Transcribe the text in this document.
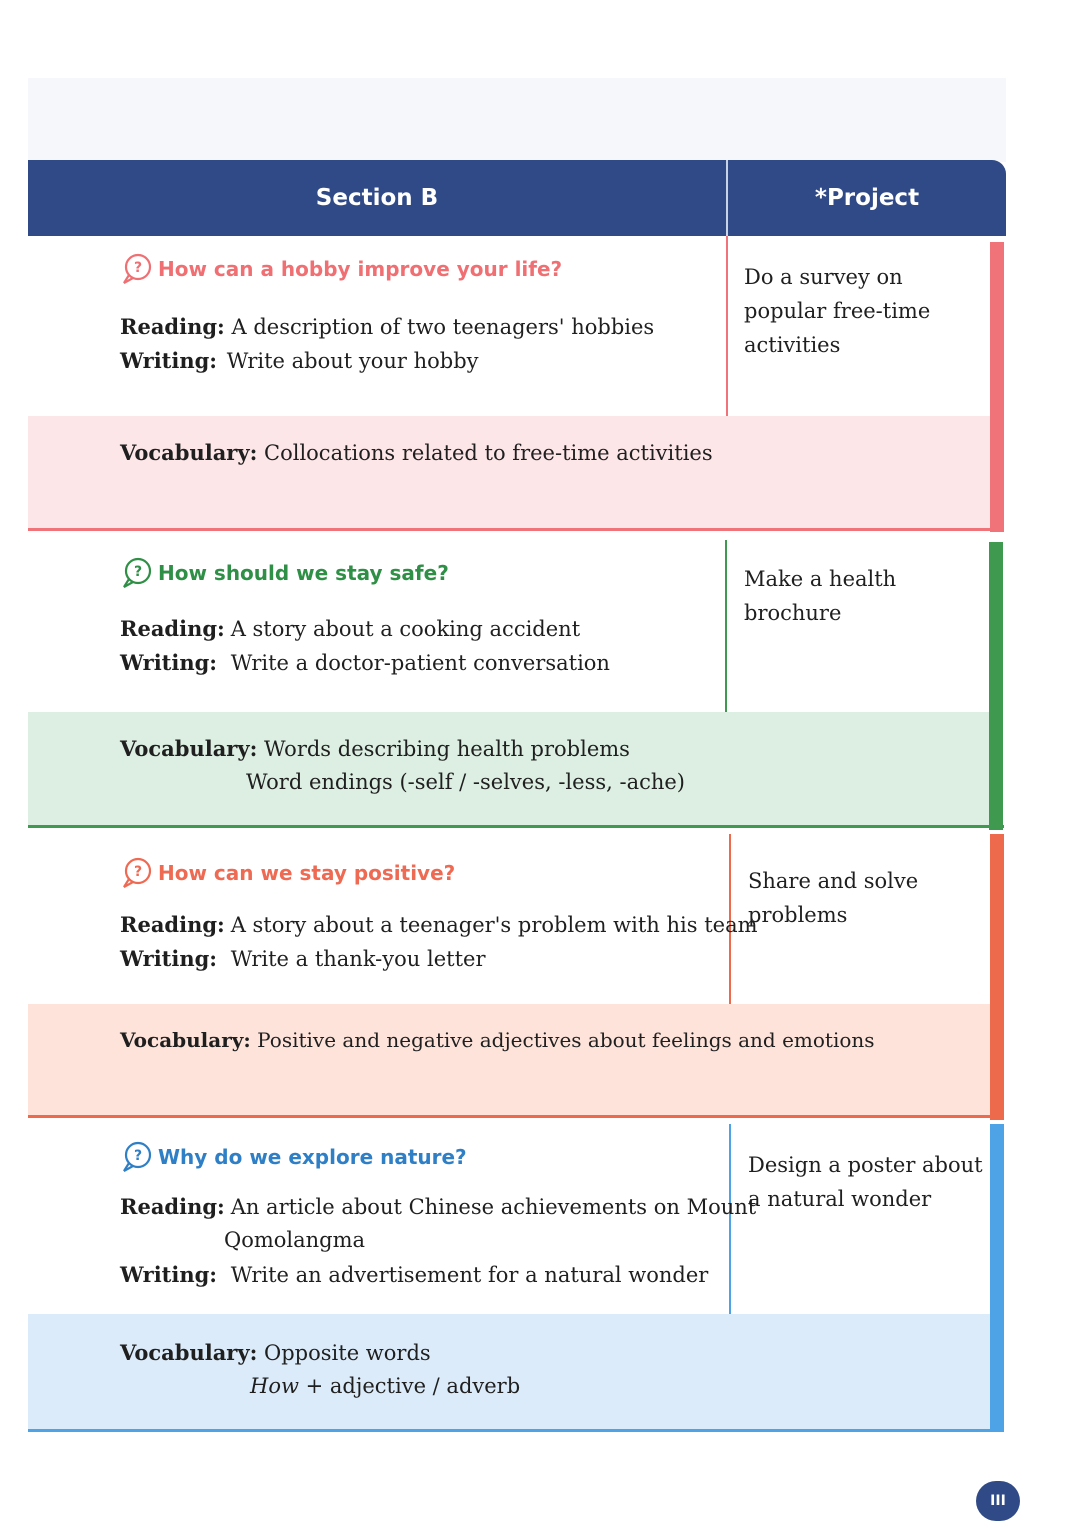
Section B	*Project
? How can a hobby improve your life?
Reading: A description of two teenagers' hobbies
Writing: Write about your hobby
Vocabulary: Collocations related to free-time activities
Do a survey on popular free-time activities
? How should we stay safe?
Reading: A story about a cooking accident
Writing: Write a doctor-patient conversation
Vocabulary: Words describing health problems
Word endings (-self / -selves, -less, -ache)
Make a health brochure
? How can we stay positive?
Reading: A story about a teenager's problem with his team
Writing: Write a thank-you letter
Vocabulary: Positive and negative adjectives about feelings and emotions
Share and solve problems
? Why do we explore nature?
Reading: An article about Chinese achievements on Mount
Qomolangma
Writing: Write an advertisement for a natural wonder
Vocabulary: Opposite words
How + adjective / adverb
Design a poster about a natural wonder
III
